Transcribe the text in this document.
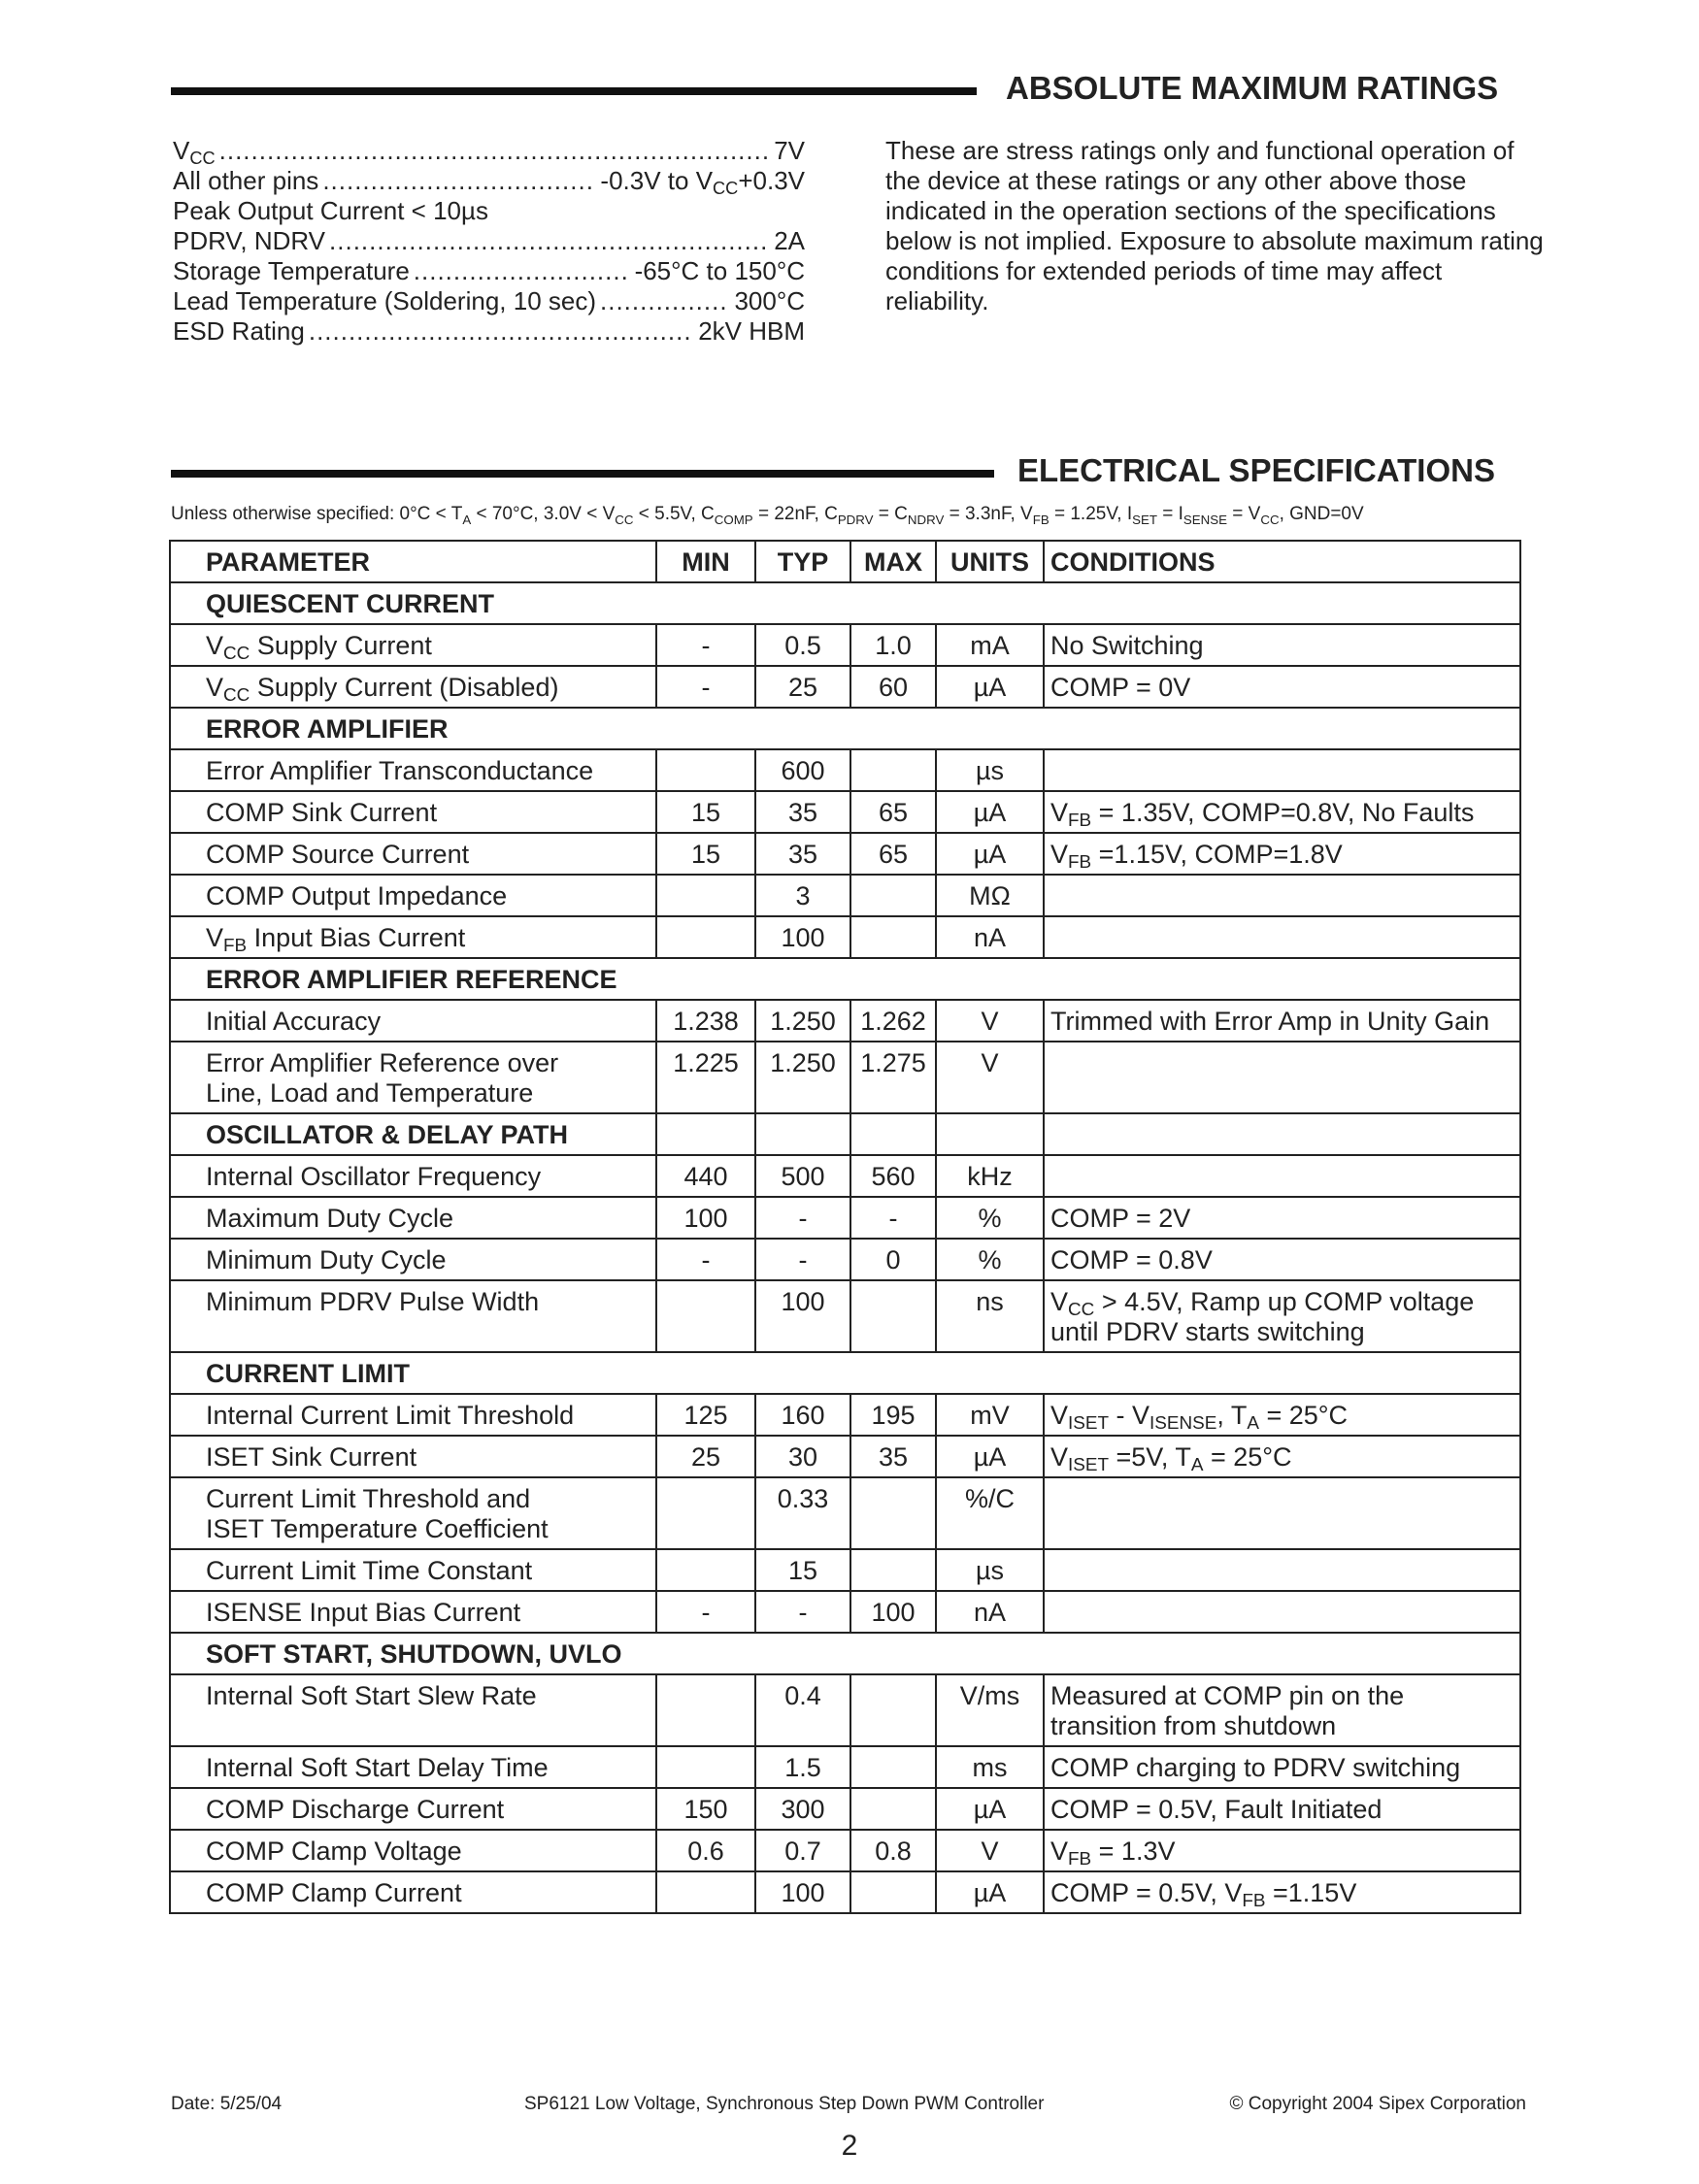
ABSOLUTE MAXIMUM RATINGS
$V_{CC}$ .....	7V
All other pins .....	-0.3V to $V_{CC}+0.3V$
Peak Output Current < 10µs
PDRV, NDRV .....	2A
Storage Temperature .....	-65°C to 150°C
Lead Temperature (Soldering, 10 sec) .....	300°C
ESD Rating .....	2kV HBM
These are stress ratings only and functional operation of the device at these ratings or any other above those indicated in the operation sections of the specifications below is not implied. Exposure to absolute maximum rating conditions for extended periods of time may affect reliability.
ELECTRICAL SPECIFICATIONS
Unless otherwise specified: $0^\circ C < T_A < 70^\circ C$, $3.0V < V_{CC} < 5.5V$, $C_{COMP} = 22nF$, $C_{PDRV} = C_{NDRV} = 3.3nF$, $V_{FB} = 1.25V$, $I_{SET} = I_{SENSE} = V_{CC}$, GND=0V
PARAMETER	MIN	TYP	MAX	UNITS	CONDITIONS
QUIESCENT CURRENT					
$V_{CC}$ Supply Current	-	0.5	1.0	mA	No Switching
$V_{CC}$ Supply Current (Disabled)	-	25	60	µA	COMP = 0V
ERROR AMPLIFIER					
Error Amplifier Transconductance		600		µs	
COMP Sink Current	15	35	65	µA	$V_{FB} = 1.35V$, COMP=0.8V, No Faults
COMP Source Current	15	35	65	µA	$V_{FB} =1.15V$, COMP=1.8V
COMP Output Impedance		3		MΩ	
$V_{FB}$ Input Bias Current		100		nA	
ERROR AMPLIFIER REFERENCE					
Initial Accuracy	1.238	1.250	1.262	V	Trimmed with Error Amp in Unity Gain
Error Amplifier Reference over
Line, Load and Temperature	1.225	1.250	1.275	V	
OSCILLATOR & DELAY PATH					
Internal Oscillator Frequency	440	500	560	kHz	
Maximum Duty Cycle	100	-	-	%	COMP = 2V
Minimum Duty Cycle	-	-	0	%	COMP = 0.8V
Minimum PDRV Pulse Width		100		ns	$V_{CC} > 4.5V$, Ramp up COMP voltage
until PDRV starts switching
CURRENT LIMIT					
Internal Current Limit Threshold	125	160	195	mV	$V_{ISET} - V_{ISENSE}$, $T_A = 25^\circ C$
ISET Sink Current	25	30	35	µA	$V_{ISET} =5V$, $T_A = 25^\circ C$
Current Limit Threshold and
ISET Temperature Coefficient		0.33		%/C	
Current Limit Time Constant		15		µs	
ISENSE Input Bias Current	-	-	100	nA	
SOFT START, SHUTDOWN, UVLO					
Internal Soft Start Slew Rate		0.4		V/ms	Measured at COMP pin on the
transition from shutdown
Internal Soft Start Delay Time		1.5		ms	COMP charging to PDRV switching
COMP Discharge Current	150	300		µA	COMP = 0.5V, Fault Initiated
COMP Clamp Voltage	0.6	0.7	0.8	V	$V_{FB} = 1.3V$
COMP Clamp Current		100		µA	COMP = 0.5V, $V_{FB} =1.15V$
Date: 5/25/04	SP6121 Low Voltage, Synchronous Step Down PWM Controller	© Copyright 2004 Sipex Corporation
2
